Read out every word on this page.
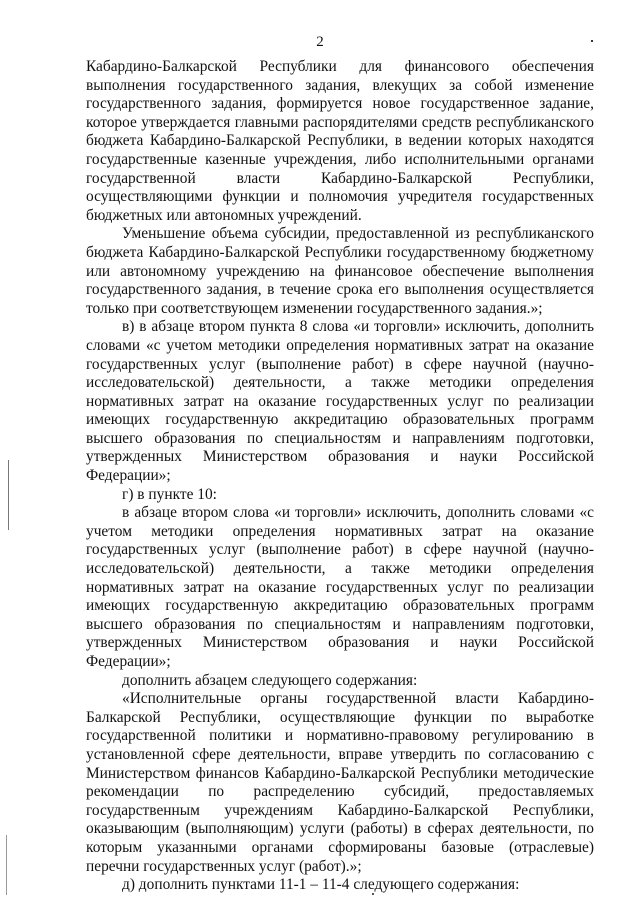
2

Кабардино-Балкарской Республики для финансового обеспечения выполнения государственного задания, влекущих за собой изменение государственного задания, формируется новое государственное задание, которое утверждается главными распорядителями средств республиканского бюджета Кабардино-Балкарской Республики, в ведении которых находятся государственные казенные учреждения, либо исполнительными органами государственной власти Кабардино-Балкарской Республики, осуществляющими функции и полномочия учредителя государственных бюджетных или автономных учреждений.

Уменьшение объема субсидии, предоставленной из республиканского бюджета Кабардино-Балкарской Республики государственному бюджетному или автономному учреждению на финансовое обеспечение выполнения государственного задания, в течение срока его выполнения осуществляется только при соответствующем изменении государственного задания.»;

в) в абзаце втором пункта 8 слова «и торговли» исключить, дополнить словами «с учетом методики определения нормативных затрат на оказание государственных услуг (выполнение работ) в сфере научной (научно-исследовательской) деятельности, а также методики определения нормативных затрат на оказание государственных услуг по реализации имеющих государственную аккредитацию образовательных программ высшего образования по специальностям и направлениям подготовки, утвержденных Министерством образования и науки Российской Федерации»;

г) в пункте 10:

в абзаце втором слова «и торговли» исключить, дополнить словами «с учетом методики определения нормативных затрат на оказание государственных услуг (выполнение работ) в сфере научной (научно-исследовательской) деятельности, а также методики определения нормативных затрат на оказание государственных услуг по реализации имеющих государственную аккредитацию образовательных программ высшего образования по специальностям и направлениям подготовки, утвержденных Министерством образования и науки Российской Федерации»;

дополнить абзацем следующего содержания:

«Исполнительные органы государственной власти Кабардино-Балкарской Республики, осуществляющие функции по выработке государственной политики и нормативно-правовому регулированию в установленной сфере деятельности, вправе утвердить по согласованию с Министерством финансов Кабардино-Балкарской Республики методические рекомендации по распределению субсидий, предоставляемых государственным учреждениям Кабардино-Балкарской Республики, оказывающим (выполняющим) услуги (работы) в сферах деятельности, по которым указанными органами сформированы базовые (отраслевые) перечни государственных услуг (работ).»;

д) дополнить пунктами 11-1 – 11-4 следующего содержания:
